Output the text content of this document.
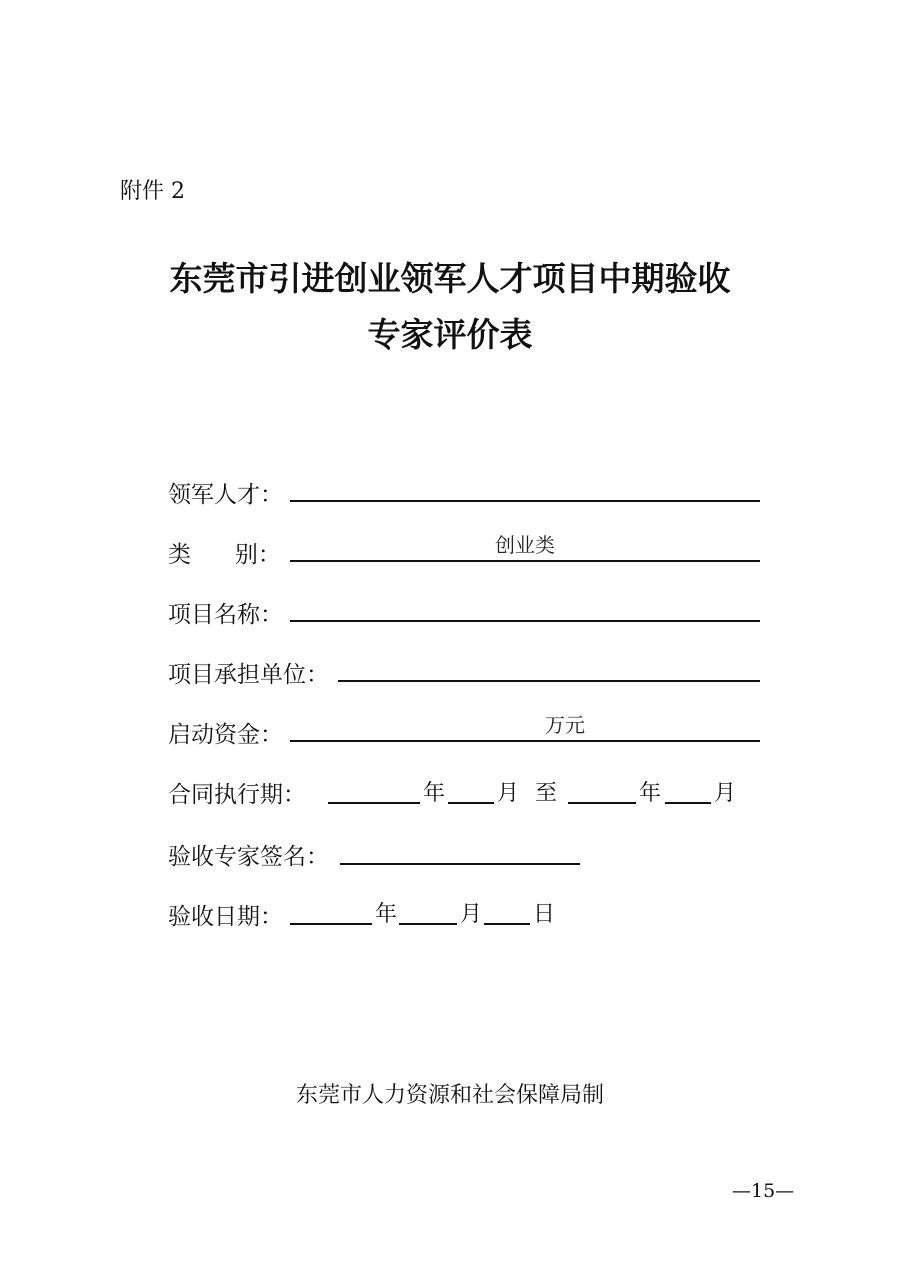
附件 2
东莞市引进创业领军人才项目中期验收
专家评价表
领军人才：
类      别：	创业类
项目名称：
项目承担单位：
启动资金：	万元
合同执行期：	年 月 至	年 月
验收专家签名：
验收日期：	年	月 日
东莞市人力资源和社会保障局制
—15—
